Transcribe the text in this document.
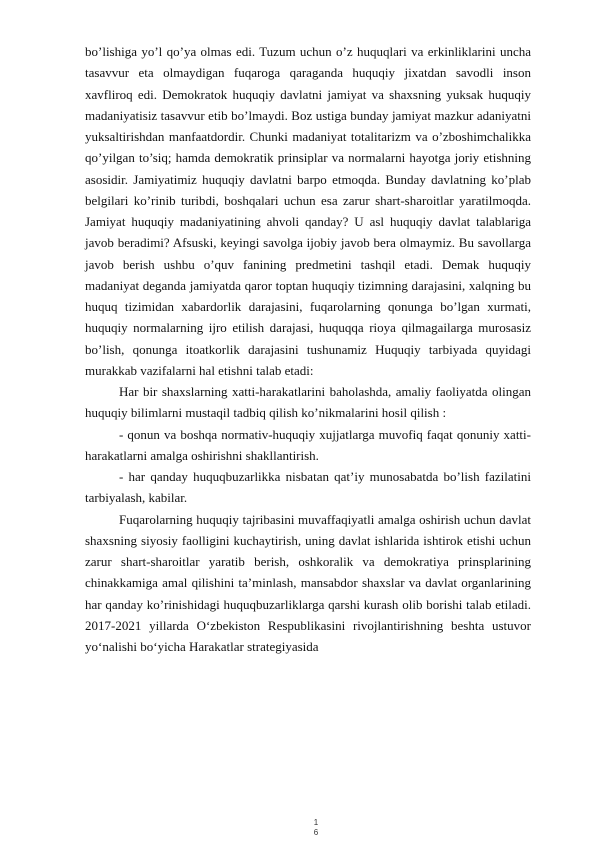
bo’lishiga yo’l qo’ya olmas edi. Tuzum uchun o’z huquqlari va erkinliklarini uncha tasavvur eta olmaydigan fuqaroga qaraganda huquqiy jixatdan savodli inson xavfliroq edi. Demokratok huquqiy davlatni jamiyat va shaxsning yuksak huquqiy madaniyatisiz tasavvur etib bo’lmaydi. Boz ustiga bunday jamiyat mazkur adaniyatni yuksaltirishdan manfaatdordir. Chunki madaniyat totalitarizm va o’zboshimchalikka qo’yilgan to’siq; hamda demokratik prinsiplar va normalarni hayotga joriy etishning asosidir. Jamiyatimiz huquqiy davlatni barpo etmoqda. Bunday davlatning ko’plab belgilari ko’rinib turibdi, boshqalari uchun esa zarur shart-sharoitlar yaratilmoqda. Jamiyat huquqiy madaniyatining ahvoli qanday? U asl huquqiy davlat talablariga javob beradimi? Afsuski, keyingi savolga ijobiy javob bera olmaymiz. Bu savollarga javob berish ushbu o’quv fanining predmetini tashqil etadi. Demak huquqiy madaniyat deganda jamiyatda qaror toptan huquqiy tizimning darajasini, xalqning bu huquq tizimidan xabardorlik darajasini, fuqarolarning qonunga bo’lgan xurmati, huquqiy normalarning ijro etilish darajasi, huquqqa rioya qilmagailarga murosasiz bo’lish, qonunga itoatkorlik darajasini tushunamiz Huquqiy tarbiyada quyidagi murakkab vazifalarni hal etishni talab etadi:

Har bir shaxslarning xatti-harakatlarini baholashda, amaliy faoliyatda olingan huquqiy bilimlarni mustaqil tadbiq qilish ko’nikmalarini hosil qilish :

- qonun va boshqa normativ-huquqiy xujjatlarga muvofiq faqat qonuniy xatti-harakatlarni amalga oshirishni shakllantirish.

- har qanday huquqbuzarlikka nisbatan qat’iy munosabatda bo’lish fazilatini tarbiyalash, kabilar.

Fuqarolarning huquqiy tajribasini muvaffaqiyatli amalga oshirish uchun davlat shaxsning siyosiy faolligini kuchaytirish, uning davlat ishlarida ishtirok etishi uchun zarur shart-sharoitlar yaratib berish, oshkoralik va demokratiya prinsplarining chinakkamiga amal qilishini ta’minlash, mansabdor shaxslar va davlat organlarining har qanday ko’rinishidagi huquqbuzarliklarga qarshi kurash olib borishi talab etiladi. 2017-2021 yillarda O‘zbekiston Respublikasini rivojlantirishning beshta ustuvor yo‘nalishi bo‘yicha Harakatlar strategiyasida

1
6
